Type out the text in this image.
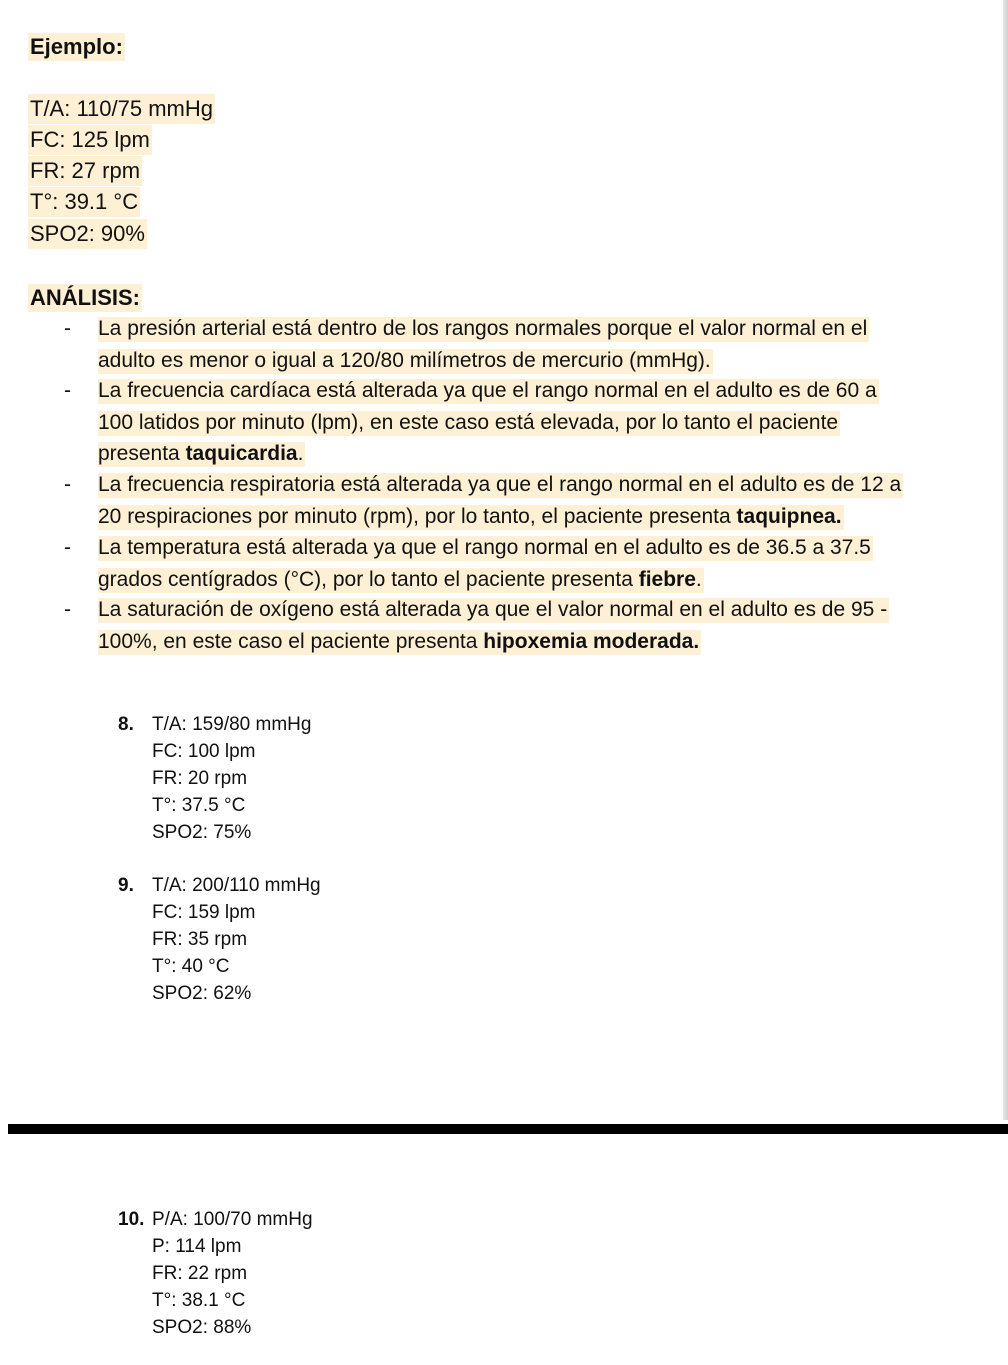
Ejemplo:
T/A: 110/75 mmHg
FC: 125 lpm
FR: 27 rpm
T°: 39.1 °C
SPO2: 90%
ANÁLISIS:
- La presión arterial está dentro de los rangos normales porque el valor normal en el
adulto es menor o igual a 120/80 milímetros de mercurio (mmHg).
- La frecuencia cardíaca está alterada ya que el rango normal en el adulto es de 60 a
100 latidos por minuto (lpm), en este caso está elevada, por lo tanto el paciente
presenta taquicardia.
- La frecuencia respiratoria está alterada ya que el rango normal en el adulto es de 12 a
20 respiraciones por minuto (rpm), por lo tanto, el paciente presenta taquipnea.
- La temperatura está alterada ya que el rango normal en el adulto es de 36.5 a 37.5
grados centígrados (°C), por lo tanto el paciente presenta fiebre.
- La saturación de oxígeno está alterada ya que el valor normal en el adulto es de 95 -
100%, en este caso el paciente presenta hipoxemia moderada.
8. T/A: 159/80 mmHg
FC: 100 lpm
FR: 20 rpm
T°: 37.5 °C
SPO2: 75%
9. T/A: 200/110 mmHg
FC: 159 lpm
FR: 35 rpm
T°: 40 °C
SPO2: 62%
10. P/A: 100/70 mmHg
P: 114 lpm
FR: 22 rpm
T°: 38.1 °C
SPO2: 88%
